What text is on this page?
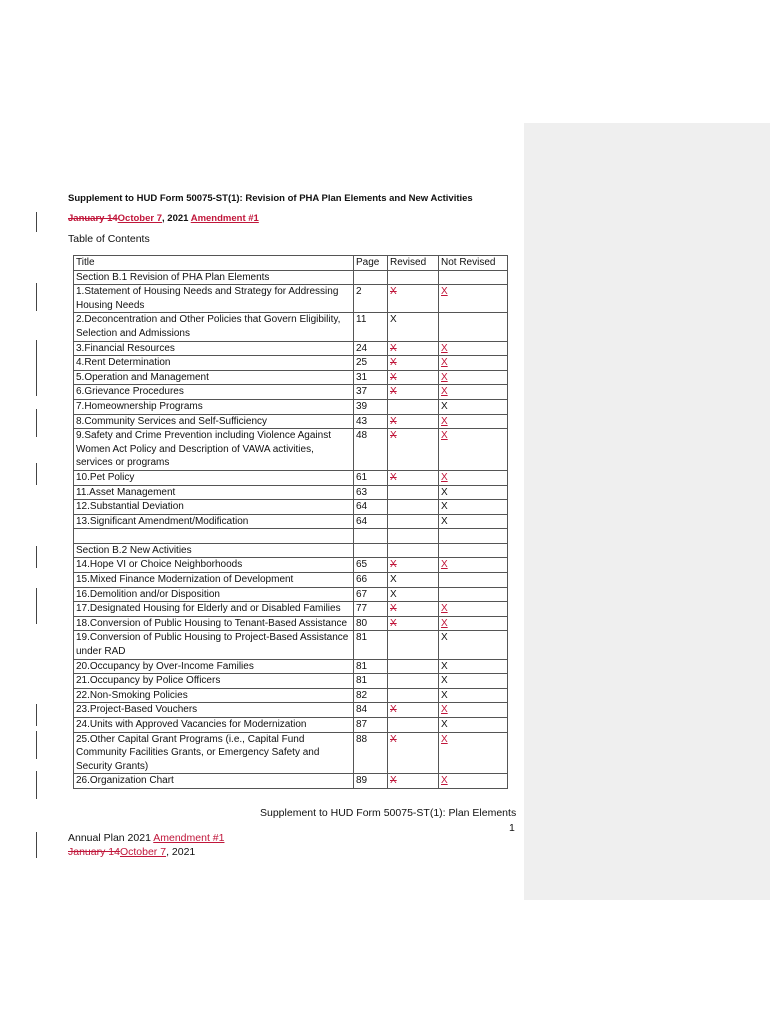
Supplement to HUD Form 50075-ST(1): Revision of PHA Plan Elements and New Activities
January 14October 7, 2021 Amendment #1
Table of Contents
Title	Page	Revised	Not Revised
Section B.1 Revision of PHA Plan Elements			
1.Statement of Housing Needs and Strategy for Addressing Housing Needs	2	X	X
2.Deconcentration and Other Policies that Govern Eligibility, Selection and Admissions	11	X	
3.Financial Resources	24	X	X
4.Rent Determination	25	X	X
5.Operation and Management	31	X	X
6.Grievance Procedures	37	X	X
7.Homeownership Programs	39		X
8.Community Services and Self-Sufficiency	43	X	X
9.Safety and Crime Prevention including Violence Against Women Act Policy and Description of VAWA activities, services or programs	48	X	X
10.Pet Policy	61	X	X
11.Asset Management	63		X
12.Substantial Deviation	64		X
13.Significant Amendment/Modification	64		X

Section B.2 New Activities			
14.Hope VI or Choice Neighborhoods	65	X	X
15.Mixed Finance Modernization of Development	66	X	
16.Demolition and/or Disposition	67	X	
17.Designated Housing for Elderly and or Disabled Families	77	X	X
18.Conversion of Public Housing to Tenant-Based Assistance	80	X	X
19.Conversion of Public Housing to Project-Based Assistance under RAD	81		X
20.Occupancy by Over-Income Families	81		X
21.Occupancy by Police Officers	81		X
22.Non-Smoking Policies	82		X
23.Project-Based Vouchers	84	X	X
24.Units with Approved Vacancies for Modernization	87		X
25.Other Capital Grant Programs (i.e., Capital Fund Community Facilities Grants, or Emergency Safety and Security Grants)	88	X	X
26.Organization Chart	89	X	X
Supplement to HUD Form 50075-ST(1): Plan Elements
1
Annual Plan 2021 Amendment #1
January 14October 7, 2021
